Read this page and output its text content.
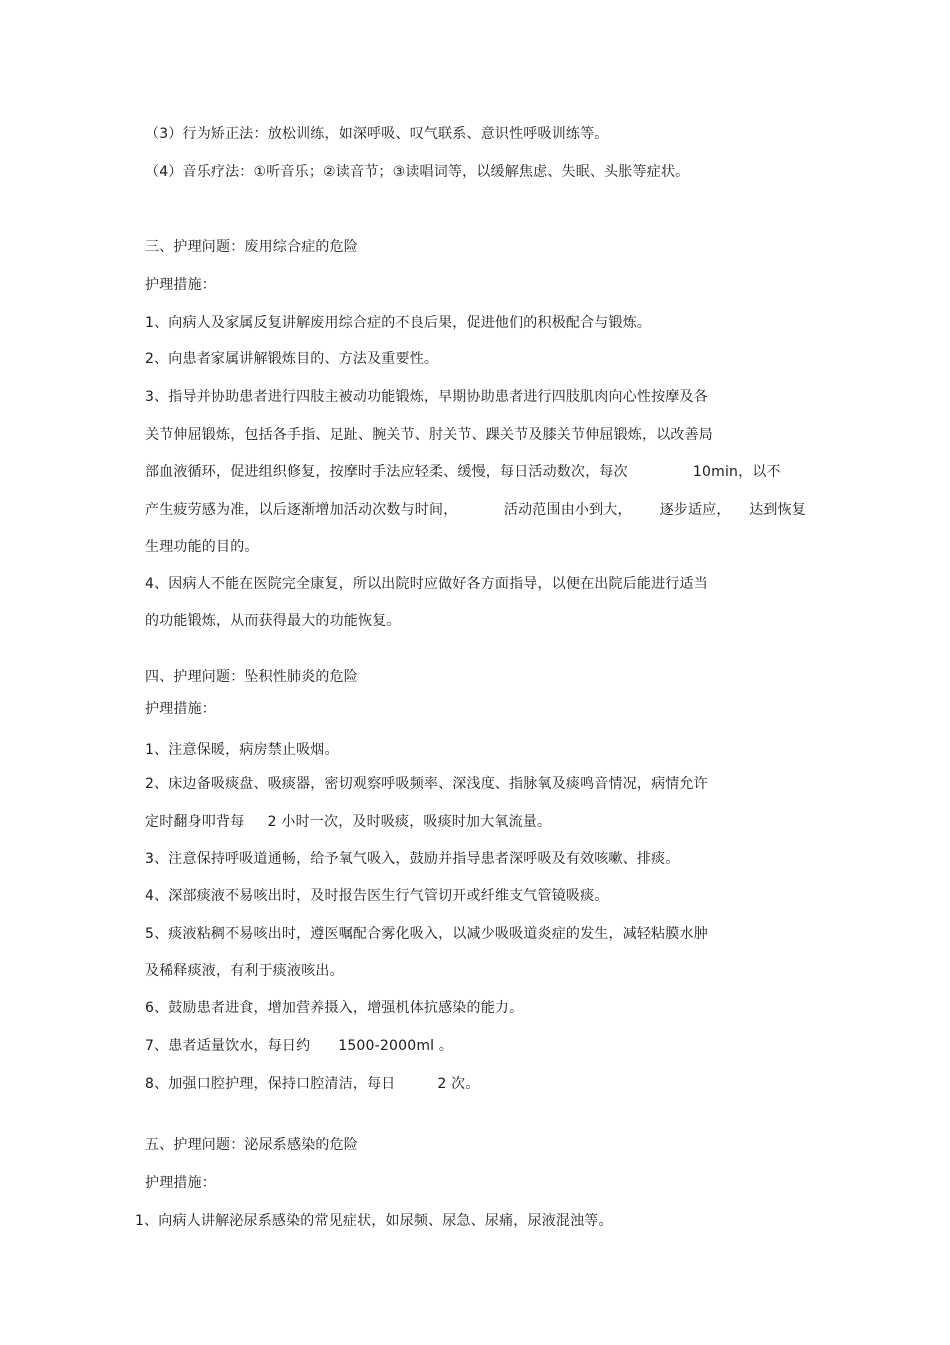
（3）行为矫正法：放松训练，如深呼吸、叹气联系、意识性呼吸训练等。
（4）音乐疗法：①听音乐；②读音节；③读唱词等，以缓解焦虑、失眠、头胀等症状。
三、护理问题：废用综合症的危险
护理措施：
1、向病人及家属反复讲解废用综合症的不良后果，促进他们的积极配合与锻炼。
2、向患者家属讲解锻炼目的、方法及重要性。
3、指导并协助患者进行四肢主被动功能锻炼，早期协助患者进行四肢肌肉向心性按摩及各
关节伸屈锻炼，包括各手指、足趾、腕关节、肘关节、踝关节及膝关节伸屈锻炼，以改善局
部血液循环，促进组织修复，按摩时手法应轻柔、缓慢，每日活动数次，每次              10min，以不
产生疲劳感为准，以后逐渐增加活动次数与时间，          活动范围由小到大，      逐步适应，    达到恢复
生理功能的目的。
4、因病人不能在医院完全康复，所以出院时应做好各方面指导，以便在出院后能进行适当
的功能锻炼，从而获得最大的功能恢复。
四、护理问题：坠积性肺炎的危险
护理措施：
1、注意保暖，病房禁止吸烟。
2、床边备吸痰盘、吸痰器，密切观察呼吸频率、深浅度、指脉氧及痰鸣音情况，病情允许
定时翻身叩背每     2 小时一次，及时吸痰，吸痰时加大氧流量。
3、注意保持呼吸道通畅，给予氧气吸入，鼓励并指导患者深呼吸及有效咳嗽、排痰。
4、深部痰液不易咳出时，及时报告医生行气管切开或纤维支气管镜吸痰。
5、痰液粘稠不易咳出时，遵医嘱配合雾化吸入，以减少吸吸道炎症的发生，减轻粘膜水肿
及稀释痰液，有利于痰液咳出。
6、鼓励患者进食，增加营养摄入，增强机体抗感染的能力。
7、患者适量饮水，每日约      1500-2000ml 。
8、加强口腔护理，保持口腔清洁，每日         2 次。
五、护理问题：泌尿系感染的危险
护理措施：
1、向病人讲解泌尿系感染的常见症状，如尿频、尿急、尿痛，尿液混浊等。
